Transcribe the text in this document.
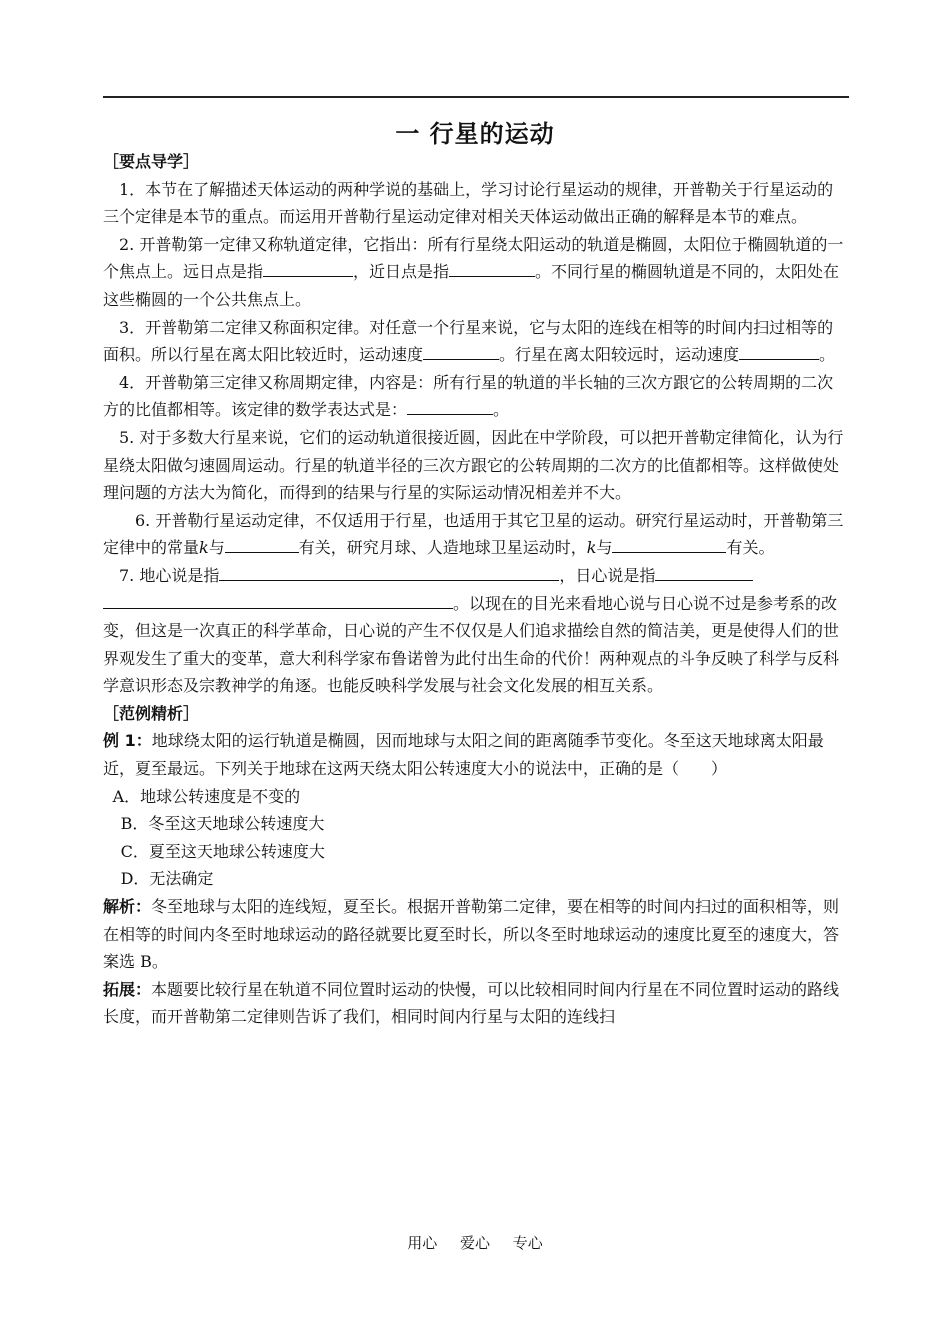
一 行星的运动

［要点导学］

1．本节在了解描述天体运动的两种学说的基础上，学习讨论行星运动的规律，开普勒关于行星运动的三个定律是本节的重点。而运用开普勒行星运动定律对相关天体运动做出正确的解释是本节的难点。

2. 开普勒第一定律又称轨道定律，它指出：所有行星绕太阳运动的轨道是椭圆，太阳位于椭圆轨道的一个焦点上。远日点是指	，近日点是指	。不同行星的椭圆轨道是不同的，太阳处在这些椭圆的一个公共焦点上。

3．开普勒第二定律又称面积定律。对任意一个行星来说，它与太阳的连线在相等的时间内扫过相等的面积。所以行星在离太阳比较近时，运动速度	。行星在离太阳较远时，运动速度	。

4．开普勒第三定律又称周期定律，内容是：所有行星的轨道的半长轴的三次方跟它的公转周期的二次方的比值都相等。该定律的数学表达式是：	。

5. 对于多数大行星来说，它们的运动轨道很接近圆，因此在中学阶段，可以把开普勒定律简化，认为行星绕太阳做匀速圆周运动。行星的轨道半径的三次方跟它的公转周期的二次方的比值都相等。这样做使处理问题的方法大为简化，而得到的结果与行星的实际运动情况相差并不大。

6. 开普勒行星运动定律，不仅适用于行星，也适用于其它卫星的运动。研究行星运动时，开普勒第三定律中的常量k与	有关，研究月球、人造地球卫星运动时，k与	有关。

7. 地心说是指	，日心说是指。以现在的目光来看地心说与日心说不过是参考系的改变，但这是一次真正的科学革命，日心说的产生不仅仅是人们追求描绘自然的简洁美，更是使得人们的世界观发生了重大的变革，意大利科学家布鲁诺曾为此付出生命的代价！两种观点的斗争反映了科学与反科学意识形态及宗教神学的角逐。也能反映科学发展与社会文化发展的相互关系。

［范例精析］

例 1：地球绕太阳的运行轨道是椭圆，因而地球与太阳之间的距离随季节变化。冬至这天地球离太阳最近，夏至最远。下列关于地球在这两天绕太阳公转速度大小的说法中，正确的是（　　）

A．地球公转速度是不变的

B．冬至这天地球公转速度大

C．夏至这天地球公转速度大

D．无法确定

解析：冬至地球与太阳的连线短，夏至长。根据开普勒第二定律，要在相等的时间内扫过的面积相等，则在相等的时间内冬至时地球运动的路径就要比夏至时长，所以冬至时地球运动的速度比夏至的速度大，答案选 B。

拓展：本题要比较行星在轨道不同位置时运动的快慢，可以比较相同时间内行星在不同位置时运动的路线长度，而开普勒第二定律则告诉了我们，相同时间内行星与太阳的连线扫

用心 爱心 专心
